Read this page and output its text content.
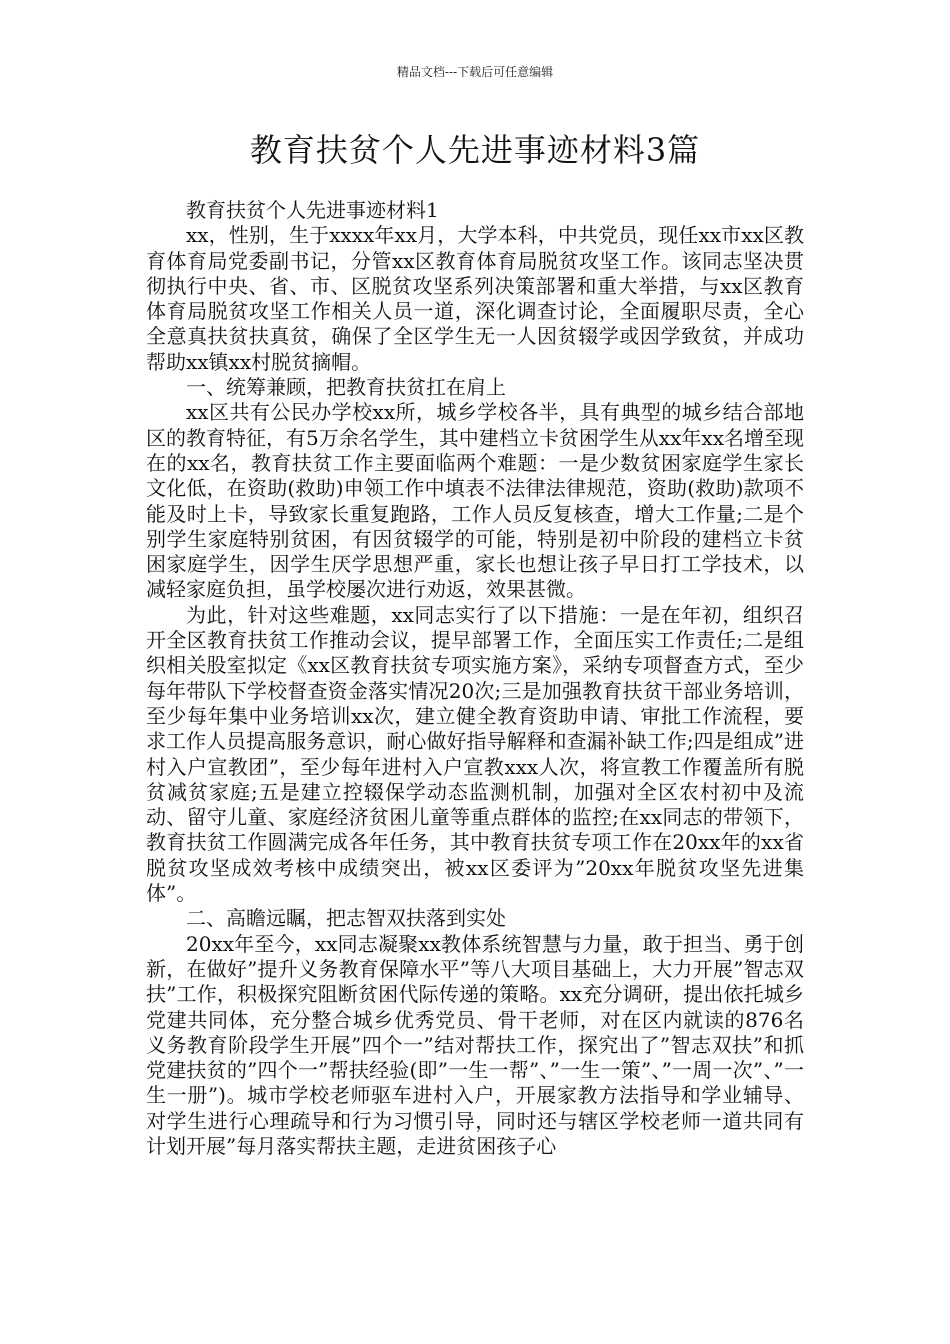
精品文档---下载后可任意编辑
教育扶贫个人先进事迹材料3篇

教育扶贫个人先进事迹材料1

xx，性别，生于xxxx年xx月，大学本科，中共党员，现任xx市xx区教育体育局党委副书记，分管xx区教育体育局脱贫攻坚工作。该同志坚决贯彻执行中央、省、市、区脱贫攻坚系列决策部署和重大举措，与xx区教育体育局脱贫攻坚工作相关人员一道，深化调查讨论，全面履职尽责，全心全意真扶贫扶真贫，确保了全区学生无一人因贫辍学或因学致贫，并成功帮助xx镇xx村脱贫摘帽。

一、统筹兼顾，把教育扶贫扛在肩上

xx区共有公民办学校xx所，城乡学校各半，具有典型的城乡结合部地区的教育特征，有5万余名学生，其中建档立卡贫困学生从xx年xx名增至现在的xx名，教育扶贫工作主要面临两个难题：一是少数贫困家庭学生家长文化低，在资助(救助)申领工作中填表不法律法律规范，资助(救助)款项不能及时上卡，导致家长重复跑路，工作人员反复核查，增大工作量;二是个别学生家庭特别贫困，有因贫辍学的可能，特别是初中阶段的建档立卡贫困家庭学生，因学生厌学思想严重，家长也想让孩子早日打工学技术，以减轻家庭负担，虽学校屡次进行劝返，效果甚微。

为此，针对这些难题，xx同志实行了以下措施：一是在年初，组织召开全区教育扶贫工作推动会议，提早部署工作，全面压实工作责任;二是组织相关股室拟定《xx区教育扶贫专项实施方案》，采纳专项督查方式，至少每年带队下学校督查资金落实情况20次;三是加强教育扶贫干部业务培训，至少每年集中业务培训xx次，建立健全教育资助申请、审批工作流程，要求工作人员提高服务意识，耐心做好指导解释和查漏补缺工作;四是组成”进村入户宣教团”，至少每年进村入户宣教xxx人次，将宣教工作覆盖所有脱贫减贫家庭;五是建立控辍保学动态监测机制，加强对全区农村初中及流动、留守儿童、家庭经济贫困儿童等重点群体的监控;在xx同志的带领下，教育扶贫工作圆满完成各年任务，其中教育扶贫专项工作在20xx年的xx省脱贫攻坚成效考核中成绩突出，被xx区委评为”20xx年脱贫攻坚先进集体”。

二、高瞻远瞩，把志智双扶落到实处

20xx年至今，xx同志凝聚xx教体系统智慧与力量，敢于担当、勇于创新，在做好”提升义务教育保障水平”等八大项目基础上，大力开展”智志双扶”工作，积极探究阻断贫困代际传递的策略。xx充分调研，提出依托城乡党建共同体，充分整合城乡优秀党员、骨干老师，对在区内就读的876名义务教育阶段学生开展”四个一”结对帮扶工作，探究出了”智志双扶”和抓党建扶贫的”四个一”帮扶经验(即”一生一帮”、”一生一策”、”一周一次”、”一生一册”)。城市学校老师驱车进村入户，开展家教方法指导和学业辅导、对学生进行心理疏导和行为习惯引导，同时还与辖区学校老师一道共同有计划开展”每月落实帮扶主题，走进贫困孩子心
